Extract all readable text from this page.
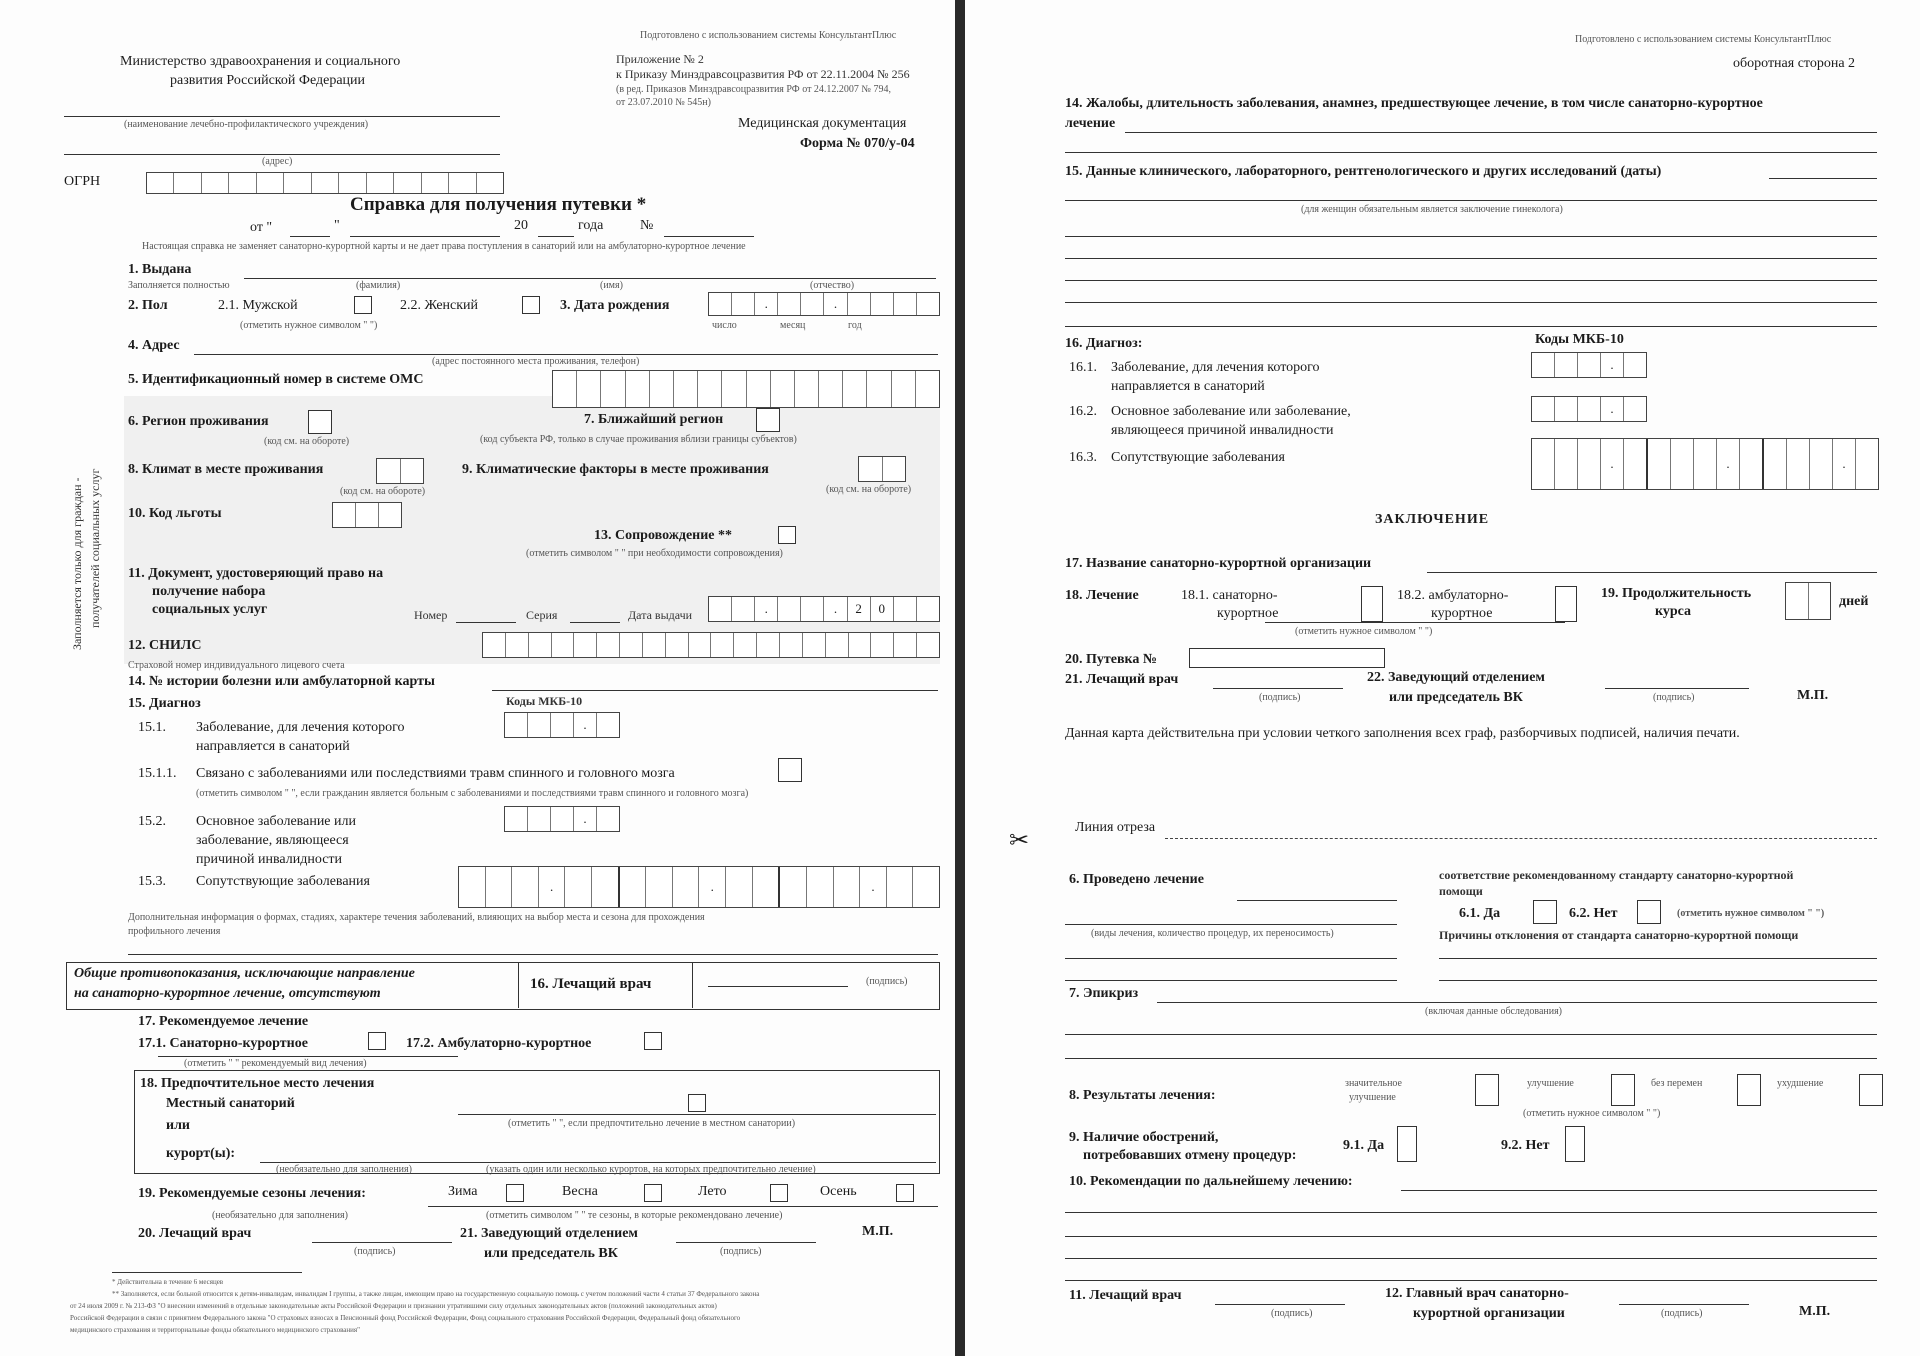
Подготовлено с использованием системы КонсультантПлюс
Министерство здравоохранения и социального
развития Российской Федерации
Приложение № 2
к Приказу Минздравсоцразвития РФ от 22.11.2004 № 256
(в ред. Приказов Минздравсоцразвития РФ от 24.12.2007 № 794,
от 23.07.2010 № 545н)
Медицинская документация
Форма № 070/у-04
(наименование лечебно-профилактического учреждения)
(адрес)
ОГРН
Справка для получения путевки *
от "	"	20	года	№
Настоящая справка не заменяет санаторно-курортной карты и не дает права поступления в санаторий или на амбулаторно-курортное лечение
1. Выдана
Заполняется полностью	(фамилия)	(имя)	(отчество)
2. Пол	2.1. Мужской	2.2. Женский
(отметить нужное символом " ")
3. Дата рождения	.	.
число	месяц	год
4. Адрес
(адрес постоянного места проживания, телефон)
5. Идентификационный номер в системе ОМС
6. Регион проживания
(код см. на обороте)
7. Ближайший регион
(код субъекта РФ, только в случае проживания вблизи границы субъектов)
8. Климат в месте проживания
(код см. на обороте)
9. Климатические факторы в месте проживания
(код см. на обороте)
10. Код льготы
13. Сопровождение **
(отметить символом " " при необходимости сопровождения)
11. Документ, удостоверяющий право на
получение набора
социальных услуг	Номер	Серия	Дата выдачи	.	.	2	0
Заполняется только для граждан - получателей социальных услуг
12. СНИЛС
Страховой номер индивидуального лицевого счета
14. № истории болезни или амбулаторной карты
15. Диагноз	Коды МКБ-10
15.1. Заболевание, для лечения которого
направляется в санаторий
.
15.1.1. Связано с заболеваниями или последствиями травм спинного и головного мозга
(отметить символом " ", если гражданин является больным с заболеваниями и последствиями травм спинного и головного мозга)
15.2. Основное заболевание или
заболевание, являющееся
причиной инвалидности
.
15.3. Сопутствующие заболевания	.	.	.
Дополнительная информация о формах, стадиях, характере течения заболеваний, влияющих на выбор места и сезона для прохождения
профильного лечения
Общие противопоказания, исключающие направление
на санаторно-курортное лечение, отсутствуют
16. Лечащий врач	(подпись)
17. Рекомендуемое лечение
17.1. Санаторно-курортное	17.2. Амбулаторно-курортное
(отметить " " рекомендуемый вид лечения)
18. Предпочтительное место лечения
Местный санаторий
(отметить " ", если предпочтительно лечение в местном санатории)
или
курорт(ы):
(необязательно для заполнения)	(указать один или несколько курортов, на которых предпочтительно лечение)
19. Рекомендуемые сезоны лечения:	Зима	Весна	Лето	Осень
(необязательно для заполнения)	(отметить символом " " те сезоны, в которые рекомендовано лечение)
20. Лечащий врач
(подпись)
21. Заведующий отделением
или председатель ВК	(подпись)
М.П.
* Действительна в течение 6 месяцев
** Заполняется, если больной относится к детям-инвалидам, инвалидам I группы, а также лицам, имеющим право на государственную социальную помощь с учетом положений части 4 статьи 37 Федерального закона
от 24 июля 2009 г. № 213-ФЗ "О внесении изменений в отдельные законодательные акты Российской Федерации и признании утратившими силу отдельных законодательных актов (положений законодательных актов)
Российской Федерации в связи с принятием Федерального закона "О страховых взносах в Пенсионный фонд Российской Федерации, Фонд социального страхования Российской Федерации, Федеральный фонд обязательного
медицинского страхования и территориальные фонды обязательного медицинского страхования"
Подготовлено с использованием системы КонсультантПлюс
оборотная сторона 2
14. Жалобы, длительность заболевания, анамнез, предшествующее лечение, в том числе санаторно-курортное
лечение
15. Данные клинического, лабораторного, рентгенологического и других исследований (даты)
(для женщин обязательным является заключение гинеколога)
16. Диагноз:	Коды МКБ-10
16.1. Заболевание, для лечения которого
направляется в санаторий
.
16.2. Основное заболевание или заболевание,
являющееся причиной инвалидности
.
16.3. Сопутствующие заболевания	.	.	.
ЗАКЛЮЧЕНИЕ
17. Название санаторно-курортной организации
18. Лечение	18.1. санаторно-
курортное
18.2. амбулаторно-
курортное
(отметить нужное символом " ")
19. Продолжительность
курса
дней
20. Путевка №
21. Лечащий врач
(подпись)
22. Заведующий отделением
или председатель ВК	(подпись)	М.П.
Данная карта действительна при условии четкого заполнения всех граф, разборчивых подписей, наличия печати.
✂
Линия отреза
6. Проведено лечение	соответствие рекомендованному стандарту санаторно-курортной
помощи
6.1. Да	6.2. Нет	(отметить нужное символом " ")
(виды лечения, количество процедур, их переносимость)	Причины отклонения от стандарта санаторно-курортной помощи
7. Эпикриз
(включая данные обследования)
8. Результаты лечения:
значительное
улучшение
улучшение	без перемен	ухудшение
(отметить нужное символом " ")
9. Наличие обострений,
потребовавших отмену процедур:
9.1. Да	9.2. Нет
10. Рекомендации по дальнейшему лечению:
11. Лечащий врач
(подпись)
12. Главный врач санаторно-
курортной организации	(подпись)	М.П.
